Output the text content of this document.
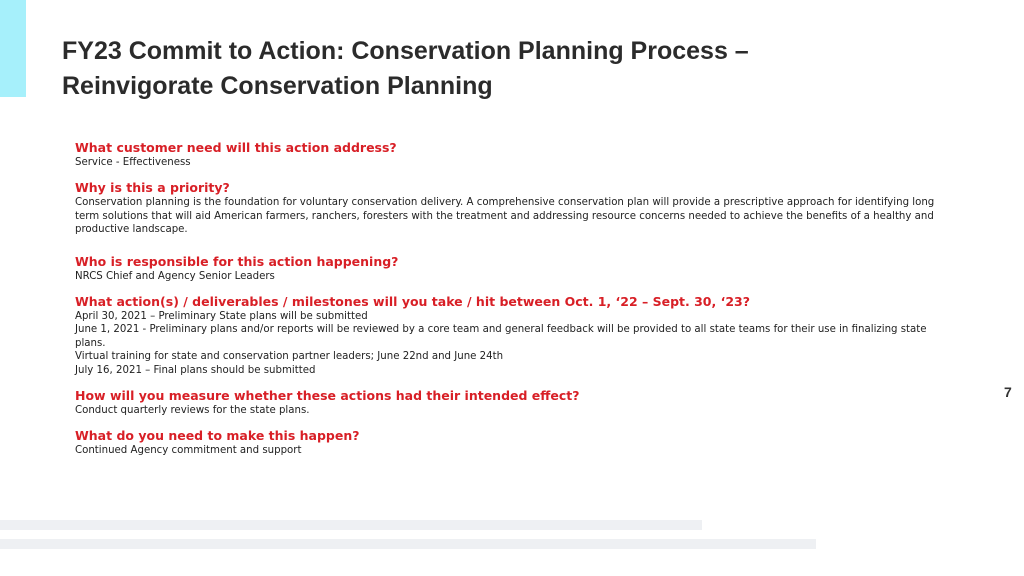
FY23 Commit to Action: Conservation Planning Process –
Reinvigorate Conservation Planning

What customer need will this action address?

Service - Effectiveness

Why is this a priority?

Conservation planning is the foundation for voluntary conservation delivery. A comprehensive conservation plan will provide a prescriptive approach for identifying long term solutions that will aid American farmers, ranchers, foresters with the treatment and addressing resource concerns needed to achieve the benefits of a healthy and productive landscape.

Who is responsible for this action happening?

NRCS Chief and Agency Senior Leaders

What action(s) / deliverables / milestones will you take / hit between Oct. 1, ‘22 – Sept. 30, ‘23?

April 30, 2021 – Preliminary State plans will be submitted
June 1, 2021 - Preliminary plans and/or reports will be reviewed by a core team and general feedback will be provided to all state teams for their use in finalizing state plans.
Virtual training for state and conservation partner leaders; June 22nd and June 24th
July 16, 2021 – Final plans should be submitted

How will you measure whether these actions had their intended effect?

Conduct quarterly reviews for the state plans.

What do you need to make this happen?

Continued Agency commitment and support

7
